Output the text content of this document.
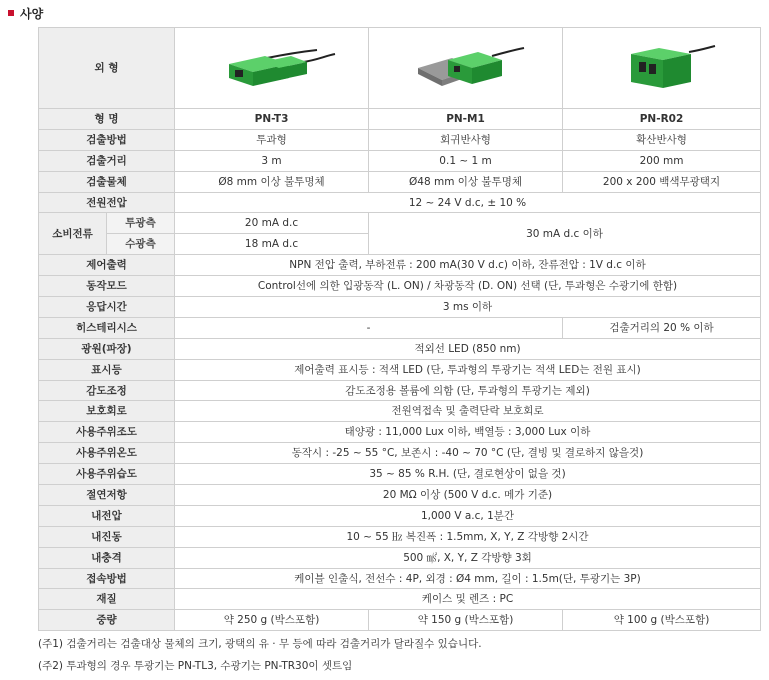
사양
외 형			
형 명		PN-T3	PN-M1	PN-R02
검출방법		투과형	회귀반사형	확산반사형
검출거리		3 m	0.1 ~ 1 m	200 mm
검출물체		Ø8 mm 이상 불투명체	Ø48 mm 이상 불투명체	200 x 200 백색무광택지
전원전압		12 ~ 24 V d.c, ± 10 %		
소비전류	투광측	20 mA d.c	30 mA d.c 이하	
	수광측	18 mA d.c		
제어출력		NPN 전압 출력, 부하전류 : 200 mA(30 V d.c) 이하, 잔류전압 : 1V d.c 이하		
동작모드		Control선에 의한 입광동작 (L. ON) / 차광동작 (D. ON) 선택 (단, 투과형은 수광기에 한함)		
응답시간		3 ms 이하		
히스테리시스		-		검출거리의 20 % 이하
광원(파장)		적외선 LED (850 nm)		
표시등		제어출력 표시등 : 적색 LED (단, 투과형의 투광기는 적색 LED는 전원 표시)		
감도조정		감도조정용 볼륨에 의함 (단, 투과형의 투광기는 제외)		
보호회로		전원역접속 및 출력단락 보호회로		
사용주위조도		태양광 : 11,000 Lux 이하, 백열등 : 3,000 Lux 이하		
사용주위온도		동작시 : -25 ~ 55 °C, 보존시 : -40 ~ 70 °C (단, 결빙 및 결로하지 않을것)		
사용주위습도		35 ~ 85 % R.H. (단, 결로현상이 없을 것)		
절연저항		20 MΩ 이상 (500 V d.c. 메가 기준)		
내전압		1,000 V a.c, 1분간		
내진동		10 ~ 55 ㎐ 복진폭 : 1.5mm, X, Y, Z 각방향 2시간		
내충격		500 ㎨, X, Y, Z 각방향 3회		
접속방법		케이블 인출식, 전선수 : 4P, 외경 : Ø4 mm, 길이 : 1.5m(단, 투광기는 3P)		
재질		케이스 및 렌즈 : PC		
중량		약 250 g (박스포함)	약 150 g (박스포함)	약 100 g (박스포함)
(주1) 검출거리는 검출대상 물체의 크기, 광택의 유 · 무 등에 따라 검출거리가 달라질수 있습니다.
(주2) 투과형의 경우 투광기는 PN-TL3, 수광기는 PN-TR30이 셋트임
